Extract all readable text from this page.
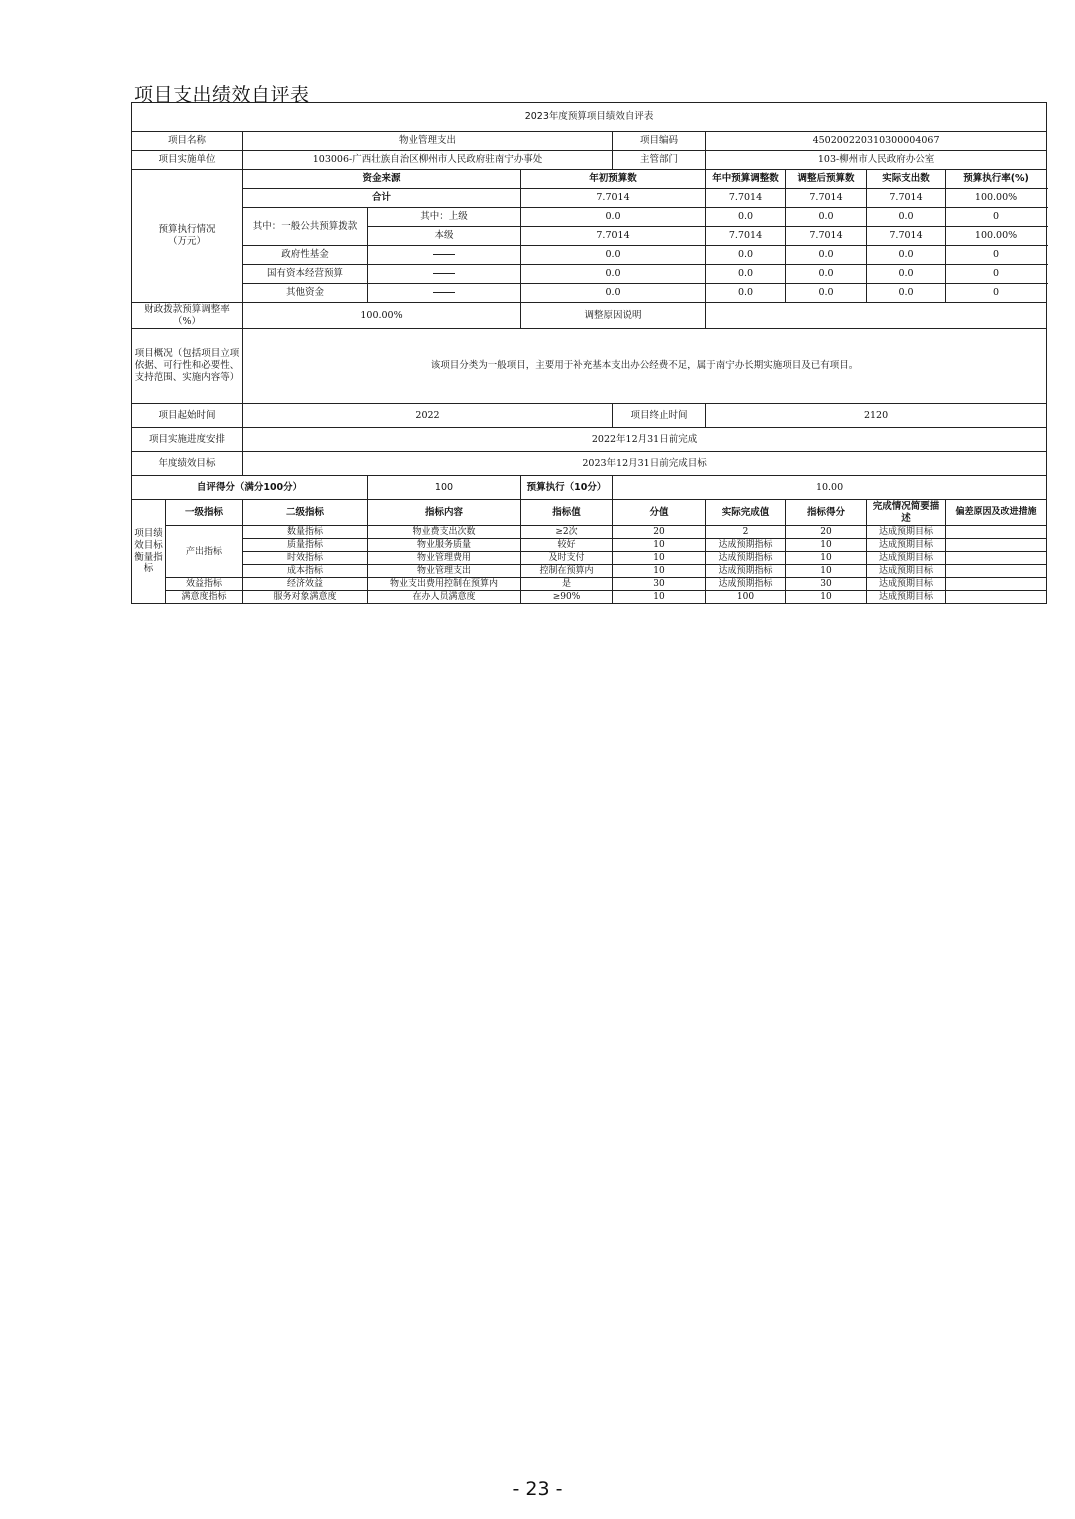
项目支出绩效自评表
2023年度预算项目绩效自评表									
项目名称		物业管理支出			项目编码	450200220310300004067			
项目实施单位		103006-广西壮族自治区柳州市人民政府驻南宁办事处			主管部门	103-柳州市人民政府办公室			
预算执行情况
（万元）		资金来源		年初预算数		年中预算调整数	调整后预算数	实际支出数	预算执行率(%)
		合计		7.7014		7.7014	7.7014	7.7014	100.00%
		其中：一般公共预算拨款	其中：上级	0.0		0.0	0.0	0.0	0
			本级	7.7014		7.7014	7.7014	7.7014	100.00%
		政府性基金		0.0		0.0	0.0	0.0	0
		国有资本经营预算		0.0		0.0	0.0	0.0	0
		其他资金		0.0		0.0	0.0	0.0	0
财政拨款预算调整率（%）		100.00%		调整原因说明					
项目概况（包括项目立项依据、可行性和必要性、支持范围、实施内容等）		该项目分类为一般项目，主要用于补充基本支出办公经费不足，属于南宁办长期实施项目及已有项目。							
项目起始时间		2022			项目终止时间	2120			
项目实施进度安排		2022年12月31日前完成							
年度绩效目标		2023年12月31日前完成目标							
自评得分（满分100分）			100	预算执行（10分）	10.00				
项目绩效目标衡量指标	一级指标	二级指标	指标内容	指标值	分值	实际完成值	指标得分	完成情况简要描述	偏差原因及改进措施
	产出指标	数量指标	物业费支出次数	≥2次	20	2	20	达成预期目标	
		质量指标	物业服务质量	较好	10	达成预期指标	10	达成预期目标	
		时效指标	物业管理费用	及时支付	10	达成预期指标	10	达成预期目标	
		成本指标	物业管理支出	控制在预算内	10	达成预期指标	10	达成预期目标	
	效益指标	经济效益	物业支出费用控制在预算内	是	30	达成预期指标	30	达成预期目标	
	满意度指标	服务对象满意度	在办人员满意度	≥90%	10	100	10	达成预期目标	
- 23 -
